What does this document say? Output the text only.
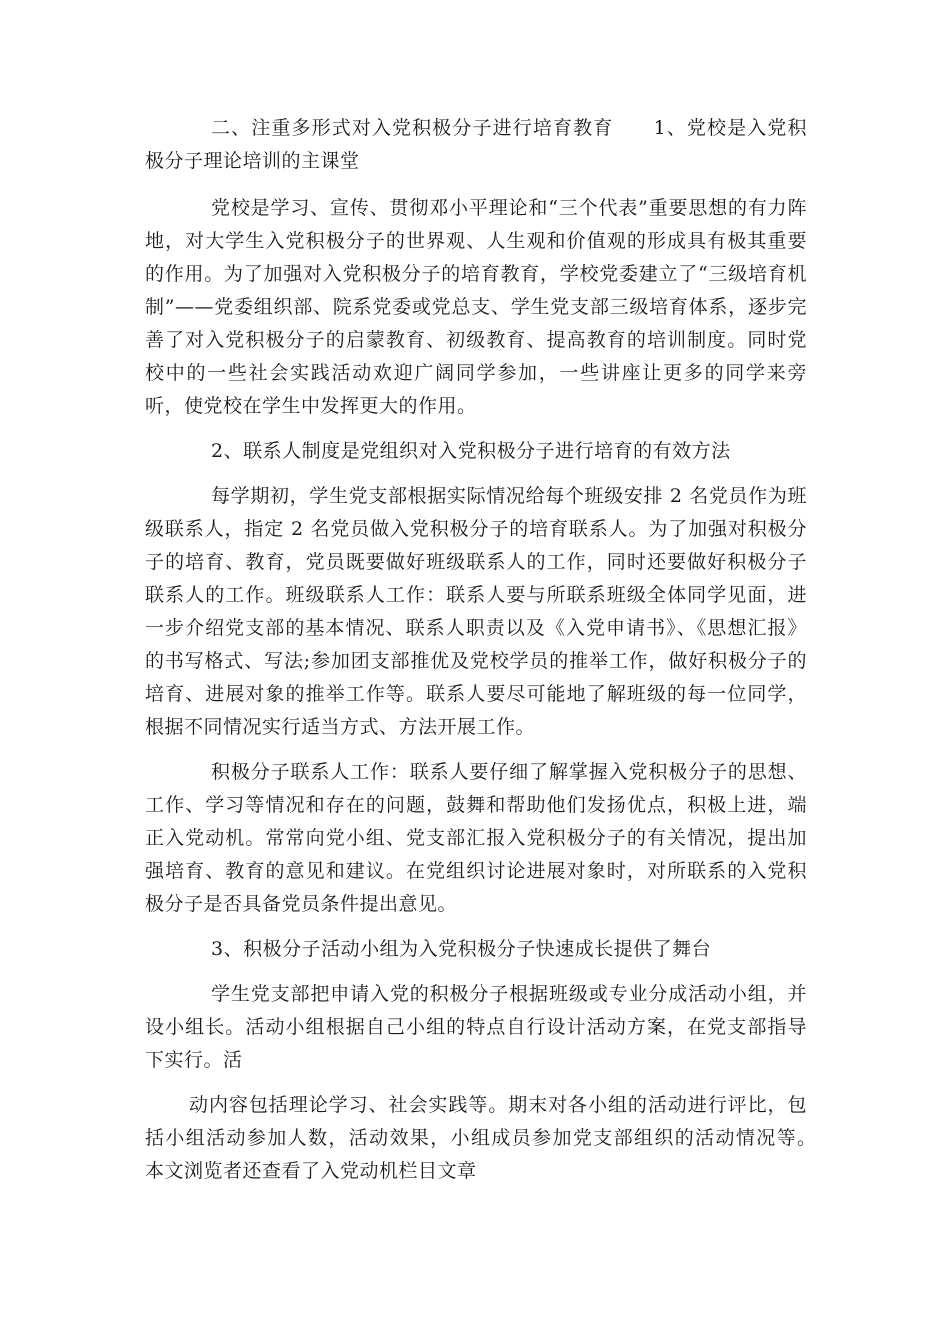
二、注重多形式对入党积极分子进行培育教育　　1、党校是入党积极分子理论培训的主课堂

党校是学习、宣传、贯彻邓小平理论和“三个代表”重要思想的有力阵地，对大学生入党积极分子的世界观、人生观和价值观的形成具有极其重要的作用。为了加强对入党积极分子的培育教育，学校党委建立了“三级培育机制”——党委组织部、院系党委或党总支、学生党支部三级培育体系，逐步完善了对入党积极分子的启蒙教育、初级教育、提高教育的培训制度。同时党校中的一些社会实践活动欢迎广阔同学参加，一些讲座让更多的同学来旁听，使党校在学生中发挥更大的作用。

2、联系人制度是党组织对入党积极分子进行培育的有效方法

每学期初，学生党支部根据实际情况给每个班级安排 2 名党员作为班级联系人，指定 2 名党员做入党积极分子的培育联系人。为了加强对积极分子的培育、教育，党员既要做好班级联系人的工作，同时还要做好积极分子联系人的工作。班级联系人工作：联系人要与所联系班级全体同学见面，进一步介绍党支部的基本情况、联系人职责以及《入党申请书》、《思想汇报》的书写格式、写法;参加团支部推优及党校学员的推举工作，做好积极分子的培育、进展对象的推举工作等。联系人要尽可能地了解班级的每一位同学，根据不同情况实行适当方式、方法开展工作。

积极分子联系人工作：联系人要仔细了解掌握入党积极分子的思想、工作、学习等情况和存在的问题，鼓舞和帮助他们发扬优点，积极上进，端正入党动机。常常向党小组、党支部汇报入党积极分子的有关情况，提出加强培育、教育的意见和建议。在党组织讨论进展对象时，对所联系的入党积极分子是否具备党员条件提出意见。

3、积极分子活动小组为入党积极分子快速成长提供了舞台

学生党支部把申请入党的积极分子根据班级或专业分成活动小组，并设小组长。活动小组根据自己小组的特点自行设计活动方案，在党支部指导下实行。活

动内容包括理论学习、社会实践等。期末对各小组的活动进行评比，包括小组活动参加人数，活动效果，小组成员参加党支部组织的活动情况等。　　本文浏览者还查看了入党动机栏目文章
